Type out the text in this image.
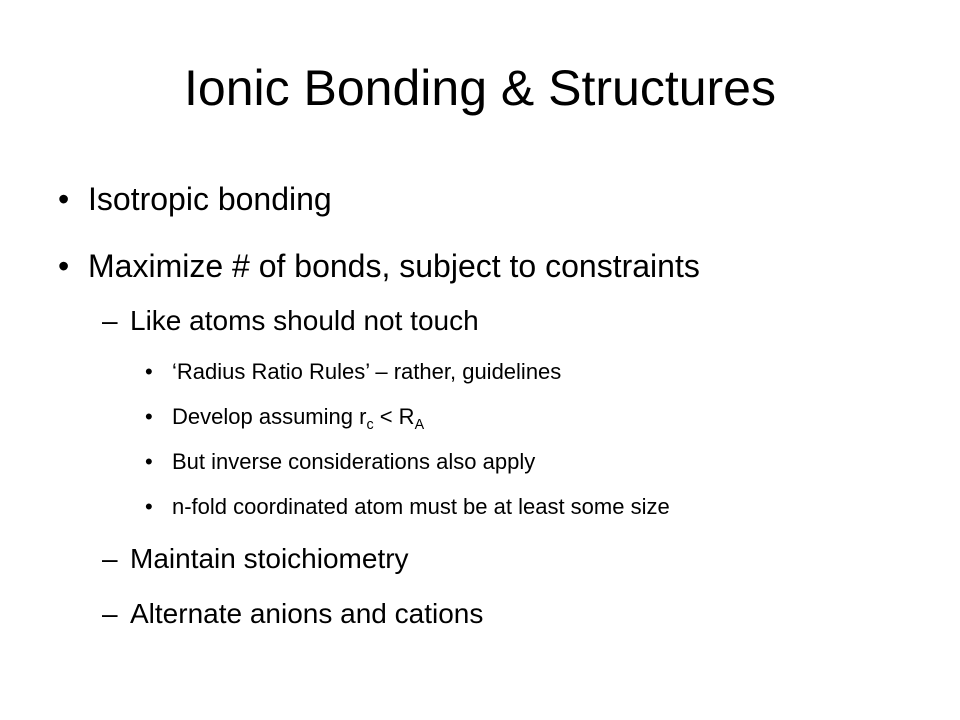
Ionic Bonding & Structures
• Isotropic bonding
• Maximize # of bonds, subject to constraints
– Like atoms should not touch
• ‘Radius Ratio Rules’ – rather, guidelines
• Develop assuming $r_c < R_A$
• But inverse considerations also apply
• n-fold coordinated atom must be at least some size
– Maintain stoichiometry
– Alternate anions and cations
